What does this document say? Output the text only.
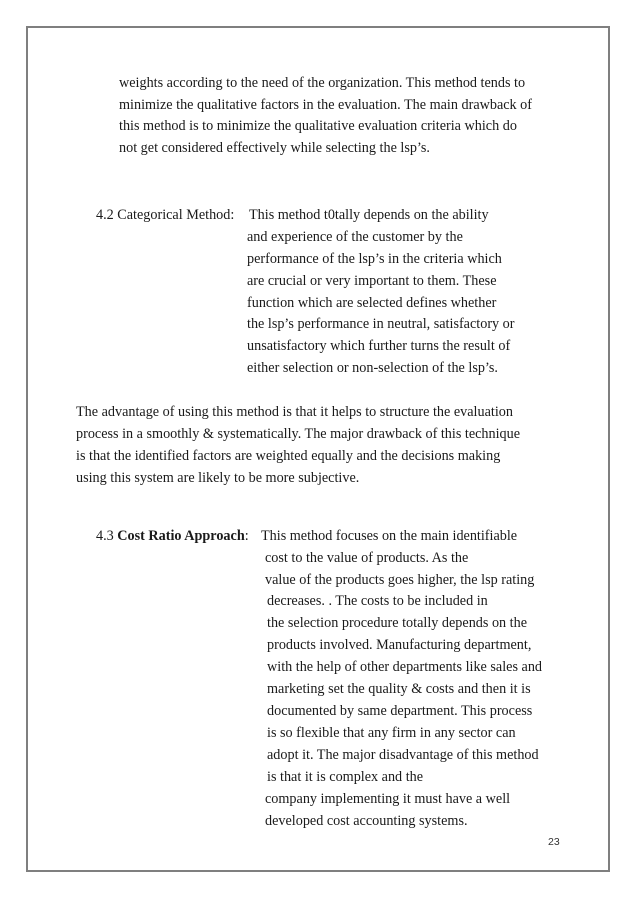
weights according to the need of the organization. This method tends to
minimize the qualitative factors in the evaluation. The main drawback of
this method is to minimize the qualitative evaluation criteria which do
not get considered effectively while selecting the lsp’s.
4.2 Categorical Method: This method t0tally depends on the ability
and experience of the customer by the
performance of the lsp’s in the criteria which
are crucial or very important to them. These
function which are selected defines whether
the lsp’s performance in neutral, satisfactory or
unsatisfactory which further turns the result of
either selection or non-selection of the lsp’s.
The advantage of using this method is that it helps to structure the evaluation
process in a smoothly & systematically. The major drawback of this technique
is that the identified factors are weighted equally and the decisions making
using this system are likely to be more subjective.
4.3 Cost Ratio Approach: This method focuses on the main identifiable
cost to the value of products. As the
value of the products goes higher, the lsp rating
decreases. . The costs to be included in
the selection procedure totally depends on the
products involved. Manufacturing department,
with the help of other departments like sales and
marketing set the quality & costs and then it is
documented by same department. This process
is so flexible that any firm in any sector can
adopt it. The major disadvantage of this method
is that it is complex and the
company implementing it must have a well
developed cost accounting systems.
23
